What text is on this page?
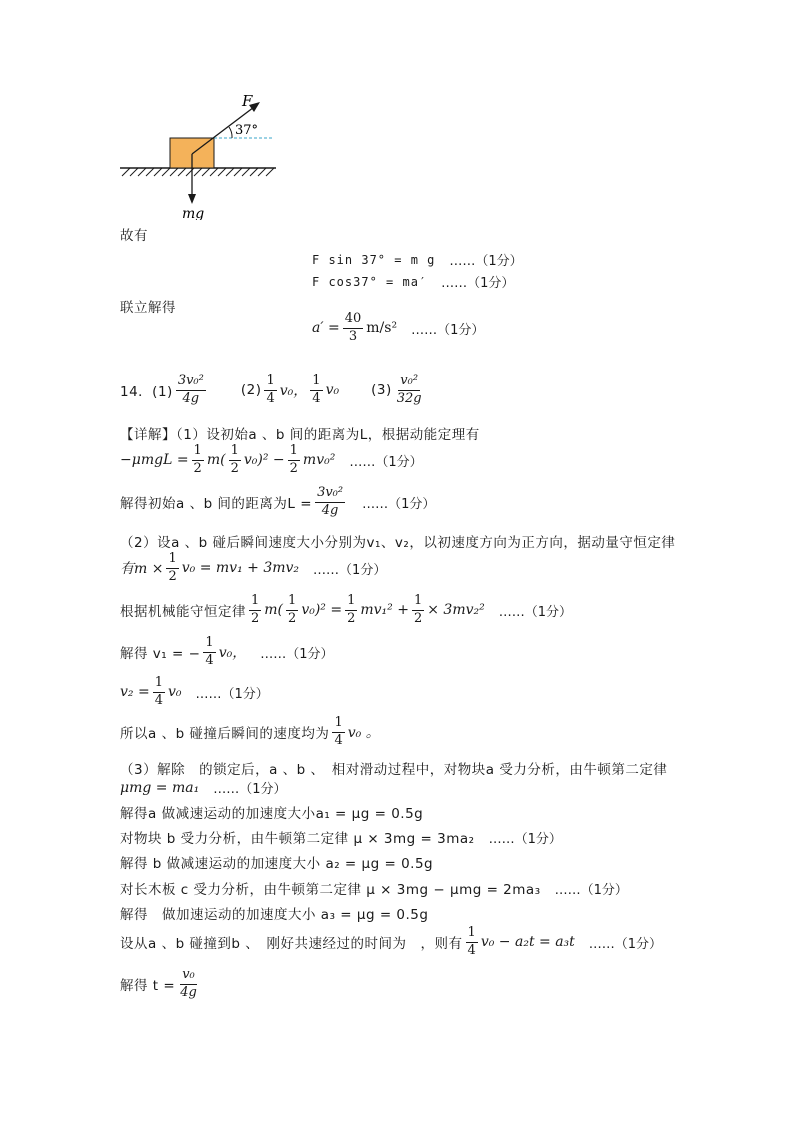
F
37°
mg
故有
F sin 37° = m g ……（1分）
F cos37° = ma′ ……（1分）
联立解得
$a' = \frac{40}{3} m/s^2$ ……（1分）
14．$(1) \frac{\text{3v₀²}}{4g}$	$(2) \frac{1}{4} v_0$， $\frac{1}{4} v_0$ $(3) \frac{\text{v₀²}}{32g}$
【详解】（1）设初始a 、b 间的距离为L，根据动能定理有
$-\mu mgL = \frac{1}{2} m( \frac{1}{2} v_0)^2 - \frac{1}{2} mv_0^2$ ……（1分）
解得初始a 、b 间的距离为$L = \frac{\text{3v₀²}}{4g}$ ……（1分）
（2）设a 、b 碰后瞬间速度大小分别为v₁、v₂，以初速度方向为正方向，据动量守恒定律
有$m \times \frac{1}{2} v_0 = mv_1 + 3mv_2$ ……（1分）
根据机械能守恒定律 $\frac{1}{2} m( \frac{1}{2} v_0)^2 = \frac{1}{2} mv_1^2 + \frac{1}{2} \times 3mv_2^2$ ……（1分）
解得 v₁ = − $\frac{1}{4} v_0$， ……（1分）
$v_2 = \frac{1}{4} v_0$ ……（1分）
所以a 、b 碰撞后瞬间的速度均为 $\frac{1}{4} v_0$ 。
（3）解除　的锁定后，a 、b 、　相对滑动过程中，对物块a 受力分析，由牛顿第二定律
μmg = ma₁ ……（1分）
解得a 做减速运动的加速度大小a₁ = μg = 0.5g
对物块 b 受力分析，由牛顿第二定律 μ × 3mg = 3ma₂ ……（1分）
解得 b 做减速运动的加速度大小 a₂ = μg = 0.5g
对长木板 c 受力分析，由牛顿第二定律 μ × 3mg − μmg = 2ma₃ ……（1分）
解得　做加速运动的加速度大小 a₃ = μg = 0.5g
设从a 、b 碰撞到b 、　刚好共速经过的时间为　，则有 $\frac{1}{4} v_0 - a_2t = a_3t$ ……（1分）
解得 $t = \frac{\text{v₀}}{4g}$
